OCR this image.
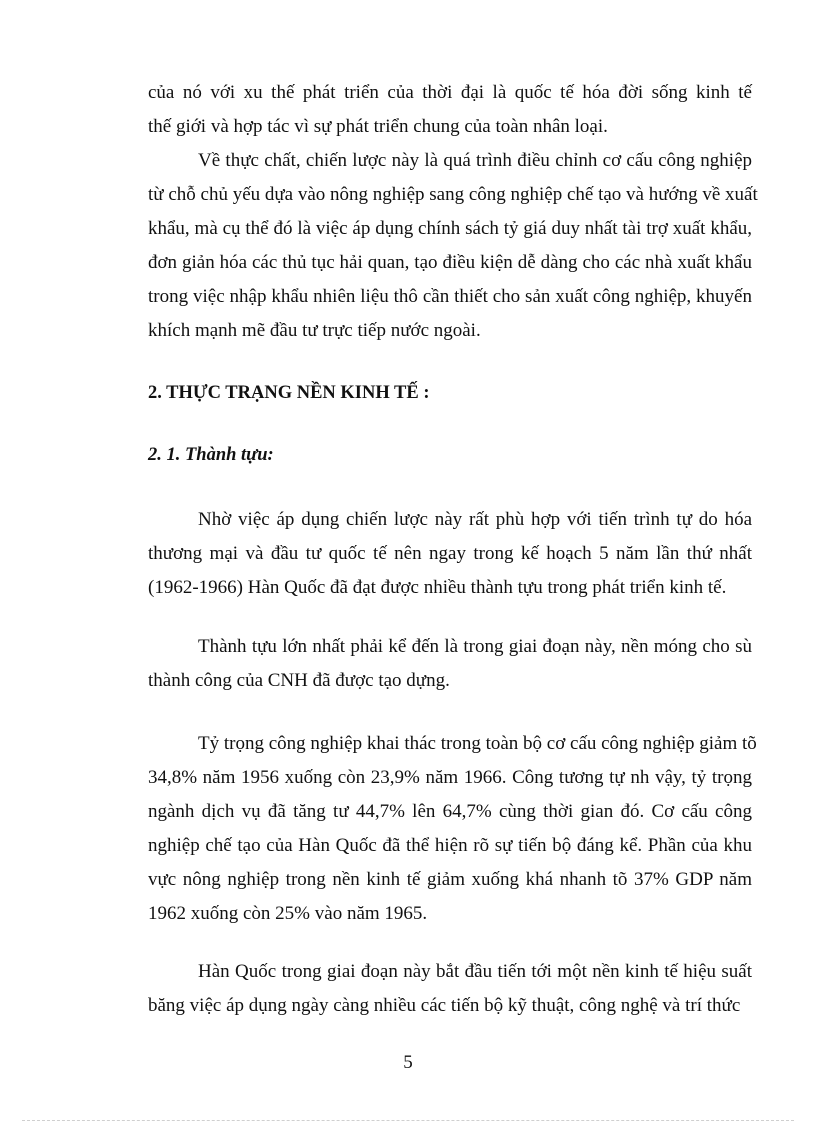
của nó với xu thế phát triển của thời đại là quốc tế hóa đời sống kinh tế
thế giới và hợp tác vì sự phát triển chung của toàn nhân loại.
Về thực chất, chiến lược này là quá trình điều chỉnh cơ cấu công nghiệp
từ chỗ chủ yếu dựa vào nông nghiệp sang công nghiệp chế tạo và hướng về xuất
khẩu, mà cụ thể đó là việc áp dụng chính sách tỷ giá duy nhất tài trợ xuất khẩu,
đơn giản hóa các thủ tục hải quan, tạo điều kiện dễ dàng cho các nhà xuất khẩu
trong việc nhập khẩu nhiên liệu thô cần thiết cho sản xuất công nghiệp, khuyến
khích mạnh mẽ đầu tư trực tiếp nước ngoài.

2. THỰC TRẠNG NỀN KINH TẾ :

2. 1. Thành tựu:

Nhờ việc áp dụng chiến lược này rất phù hợp với tiến trình tự do hóa
thương mại và đầu tư quốc tế nên ngay trong kế hoạch 5 năm lần thứ nhất
(1962-1966) Hàn Quốc đã đạt được nhiều thành tựu trong phát triển kinh tế.
Thành tựu lớn nhất phải kể đến là trong giai đoạn này, nền móng cho sù
thành công của CNH đã được tạo dựng.
Tỷ trọng công nghiệp khai thác trong toàn bộ cơ cấu công nghiệp giảm tõ
34,8% năm 1956 xuống còn 23,9% năm 1966. Công tương tự nh vậy, tỷ trọng
ngành dịch vụ đã tăng tư 44,7% lên 64,7% cùng thời gian đó. Cơ cấu công
nghiệp chế tạo của Hàn Quốc đã thể hiện rõ sự tiến bộ đáng kể. Phần của khu
vực nông nghiệp trong nền kinh tế giảm xuống khá nhanh tõ 37% GDP năm
1962 xuống còn 25% vào năm 1965.
Hàn Quốc trong giai đoạn này bắt đầu tiến tới một nền kinh tế hiệu suất
băng việc áp dụng ngày càng nhiều các tiến bộ kỹ thuật, công nghệ và trí thức
5
